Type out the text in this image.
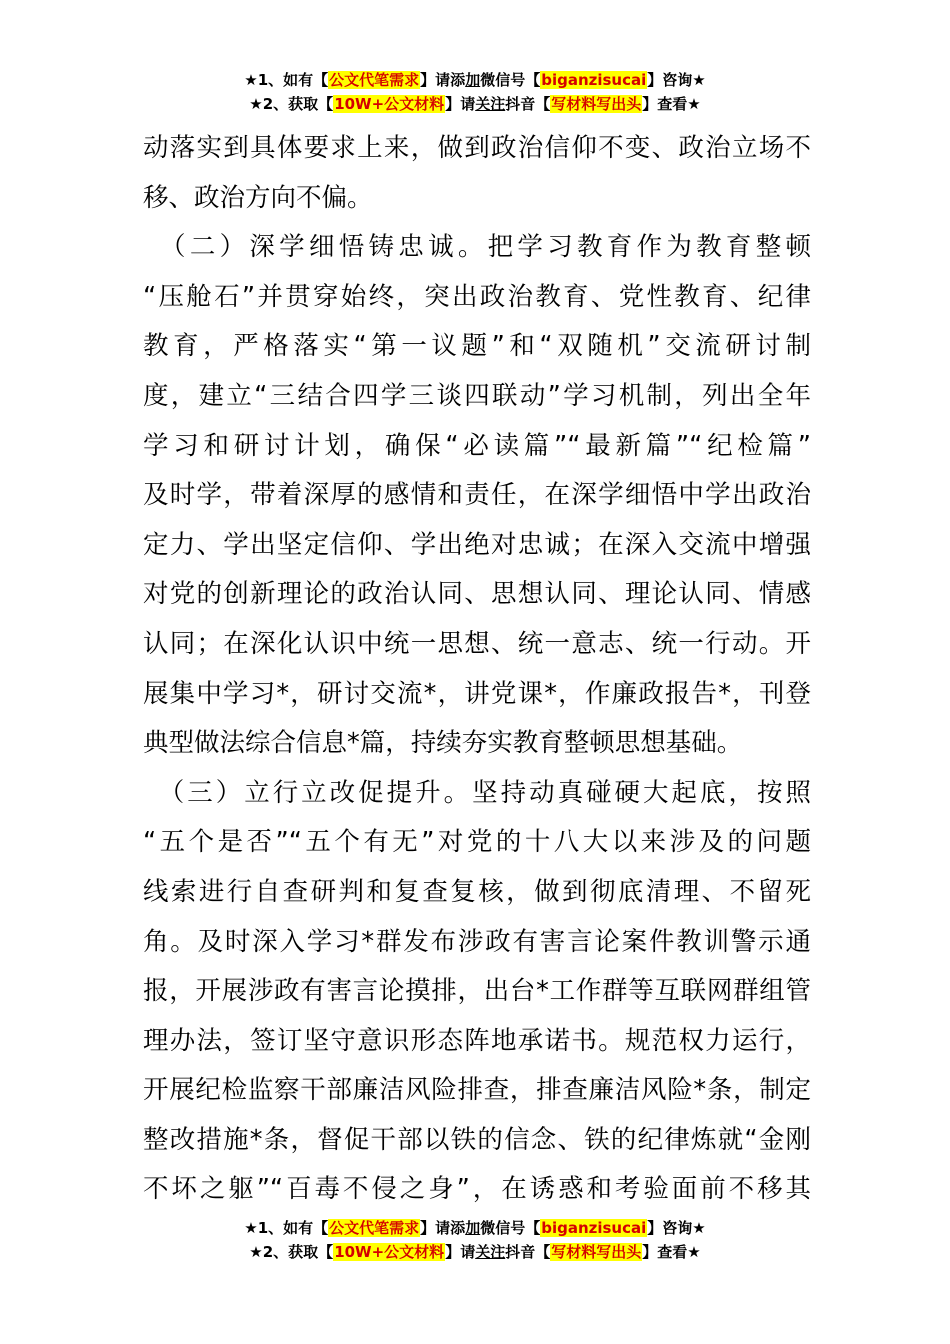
★1、如有【公文代笔需求】请添加微信号【biganzisucai】咨询★
★2、获取【10W+公文材料】请关注抖音【写材料写出头】查看★
动落实到具体要求上来，做到政治信仰不变、政治立场不
移、政治方向不偏。
　（二）深学细悟铸忠诚。把学习教育作为教育整顿
“压舱石”并贯穿始终，突出政治教育、党性教育、纪律
教育，严格落实“第一议题”和“双随机”交流研讨制
度，建立“三结合四学三谈四联动”学习机制，列出全年
学习和研讨计划，确保“必读篇”“最新篇”“纪检篇”
及时学，带着深厚的感情和责任，在深学细悟中学出政治
定力、学出坚定信仰、学出绝对忠诚；在深入交流中增强
对党的创新理论的政治认同、思想认同、理论认同、情感
认同；在深化认识中统一思想、统一意志、统一行动。开
展集中学习*，研讨交流*，讲党课*，作廉政报告*，刊登
典型做法综合信息*篇，持续夯实教育整顿思想基础。
　（三）立行立改促提升。坚持动真碰硬大起底，按照
“五个是否”“五个有无”对党的十八大以来涉及的问题
线索进行自查研判和复查复核，做到彻底清理、不留死
角。及时深入学习*群发布涉政有害言论案件教训警示通
报，开展涉政有害言论摸排，出台*工作群等互联网群组管
理办法，签订坚守意识形态阵地承诺书。规范权力运行，
开展纪检监察干部廉洁风险排查，排查廉洁风险*条，制定
整改措施*条，督促干部以铁的信念、铁的纪律炼就“金刚
不坏之躯”“百毒不侵之身”，在诱惑和考验面前不移其
★1、如有【公文代笔需求】请添加微信号【biganzisucai】咨询★
★2、获取【10W+公文材料】请关注抖音【写材料写出头】查看★
